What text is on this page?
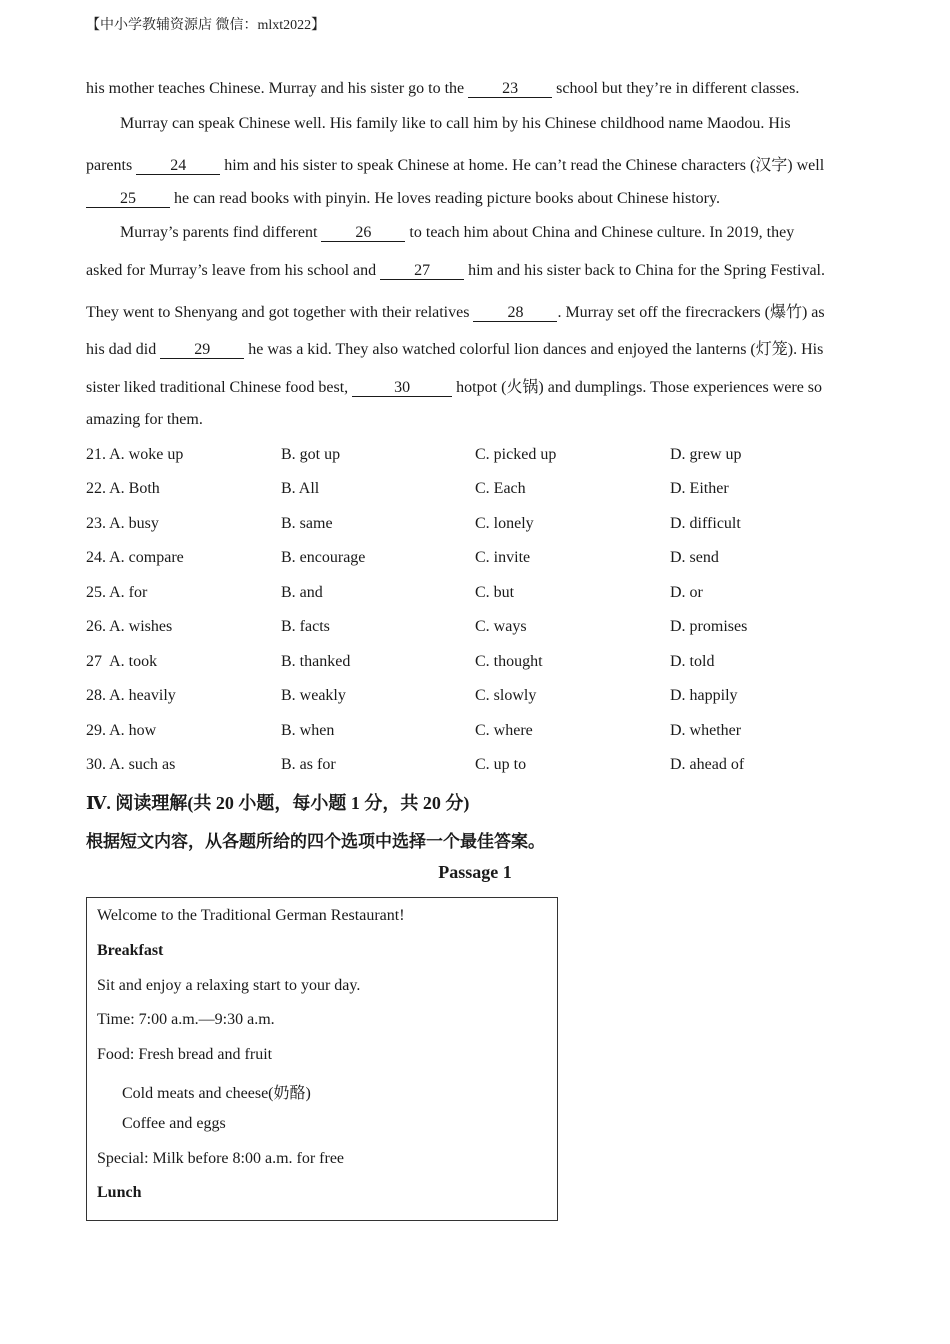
【中小学教辅资源店 微信：mlxt2022】
his mother teaches Chinese. Murray and his sister go to the 23 school but they’re in different classes.
Murray can speak Chinese well. His family like to call him by his Chinese childhood name Maodou. His
parents 24 him and his sister to speak Chinese at home. He can’t read the Chinese characters (汉字) well
25 he can read books with pinyin. He loves reading picture books about Chinese history.
Murray’s parents find different 26 to teach him about China and Chinese culture. In 2019, they
asked for Murray’s leave from his school and 27 him and his sister back to China for the Spring Festival.
They went to Shenyang and got together with their relatives 28 . Murray set off the firecrackers (爆竹) as
his dad did 29 he was a kid. They also watched colorful lion dances and enjoyed the lanterns (灯笼). His
sister liked traditional Chinese food best,	30	hotpot (火锅) and dumplings. Those experiences were so
amazing for them.
21. A. woke up	B. got up	C. picked up	D. grew up
22. A. Both	B. All	C. Each	D. Either
23. A. busy	B. same	C. lonely	D. difficult
24. A. compare	B. encourage	C. invite	D. send
25. A. for	B. and	C. but	D. or
26. A. wishes	B. facts	C. ways	D. promises
27  A. took	B. thanked	C. thought	D. told
28. A. heavily	B. weakly	C. slowly	D. happily
29. A. how	B. when	C. where	D. whether
30. A. such as	B. as for	C. up to	D. ahead of
Ⅳ. 阅读理解(共 20 小题，每小题 1 分，共 20 分)
根据短文内容，从各题所给的四个选项中选择一个最佳答案。
Passage 1
Welcome to the Traditional German Restaurant!
Breakfast
Sit and enjoy a relaxing start to your day.
Time: 7:00 a.m.—9:30 a.m.
Food: Fresh bread and fruit
Cold meats and cheese(奶酪)
Coffee and eggs
Special: Milk before 8:00 a.m. for free
Lunch
